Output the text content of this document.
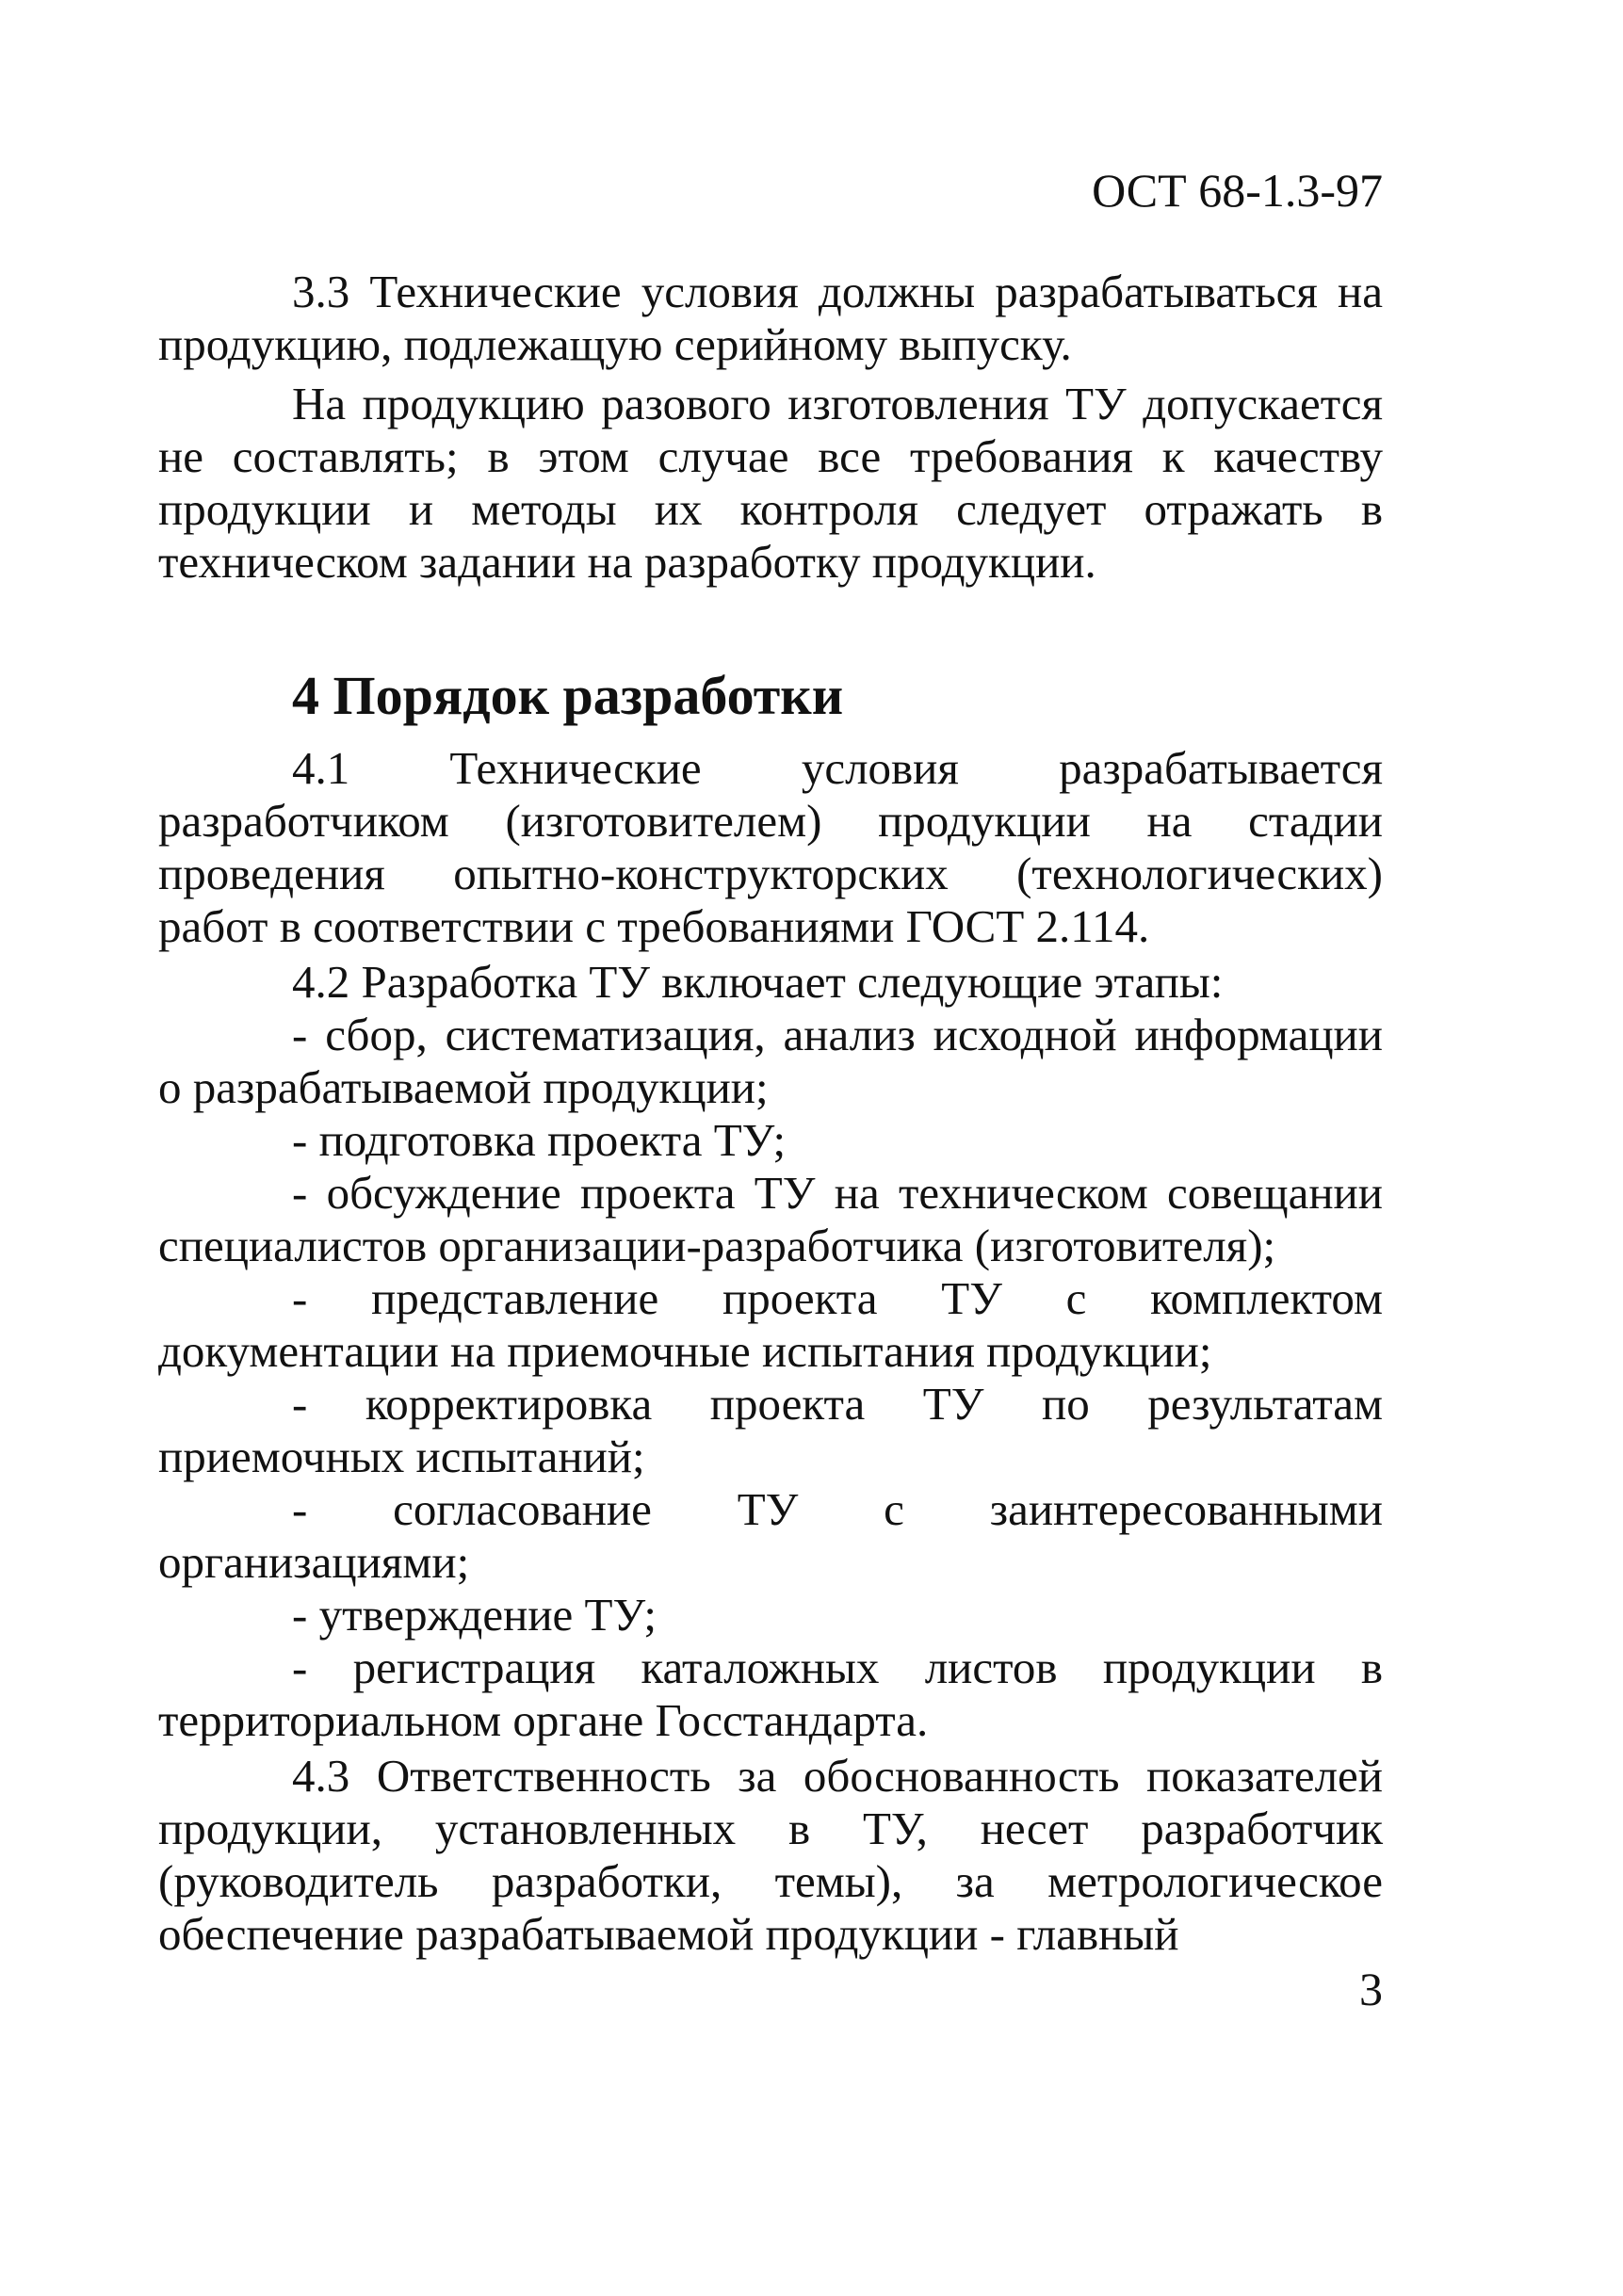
ОСТ 68-1.3-97

3.3 Технические условия должны разрабатываться на продукцию, подлежащую серийному выпуску.

На продукцию разового изготовления ТУ допускается не составлять; в этом случае все требования к качеству продукции и методы их контроля следует отражать в техническом задании на разработку продукции.

4 Порядок разработки

4.1 Технические условия разрабатывается разработчиком (изготовителем) продукции на стадии проведения опытно-конструкторских (технологических) работ в соответствии с требованиями ГОСТ 2.114.

4.2 Разработка ТУ включает следующие этапы:

- сбор, систематизация, анализ исходной информации о разрабатываемой продукции;

- подготовка проекта ТУ;

- обсуждение проекта ТУ на техническом совещании специалистов организации-разработчика (изготовителя);

- представление проекта ТУ с комплектом документации на приемочные испытания продукции;

- корректировка проекта ТУ по результатам приемочных испытаний;

- согласование ТУ с заинтересованными организациями;

- утверждение ТУ;

- регистрация каталожных листов продукции в территориальном органе Госстандарта.

4.3 Ответственность за обоснованность показателей продукции, установленных в ТУ, несет разработчик (руководитель разработки, темы), за метрологическое обеспечение разрабатываемой продукции - главный

3
